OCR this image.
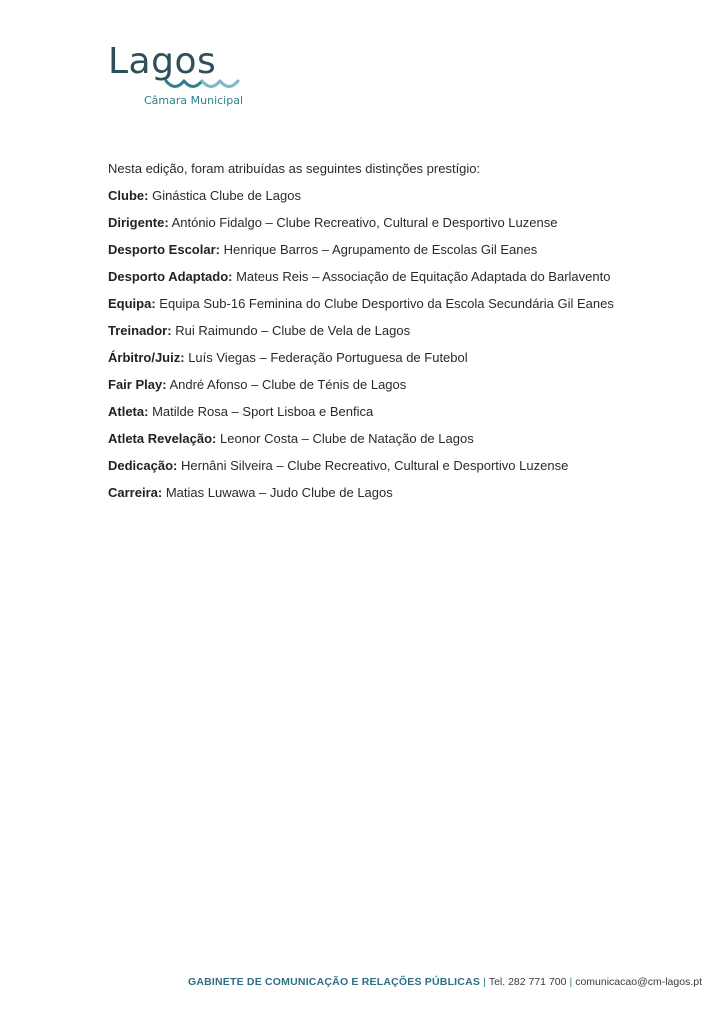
Lagos
Câmara Municipal

Nesta edição, foram atribuídas as seguintes distinções prestígio:

Clube: Ginástica Clube de Lagos
Dirigente: António Fidalgo – Clube Recreativo, Cultural e Desportivo Luzense
Desporto Escolar: Henrique Barros – Agrupamento de Escolas Gil Eanes
Desporto Adaptado: Mateus Reis – Associação de Equitação Adaptada do Barlavento
Equipa: Equipa Sub-16 Feminina do Clube Desportivo da Escola Secundária Gil Eanes
Treinador: Rui Raimundo – Clube de Vela de Lagos
Árbitro/Juiz: Luís Viegas – Federação Portuguesa de Futebol
Fair Play: André Afonso – Clube de Ténis de Lagos
Atleta: Matilde Rosa – Sport Lisboa e Benfica
Atleta Revelação: Leonor Costa – Clube de Natação de Lagos
Dedicação: Hernâni Silveira – Clube Recreativo, Cultural e Desportivo Luzense
Carreira: Matias Luwawa – Judo Clube de Lagos
GABINETE DE COMUNICAÇÃO E RELAÇÕES PÚBLICAS | Tel. 282 771 700 | comunicacao@cm-lagos.pt
